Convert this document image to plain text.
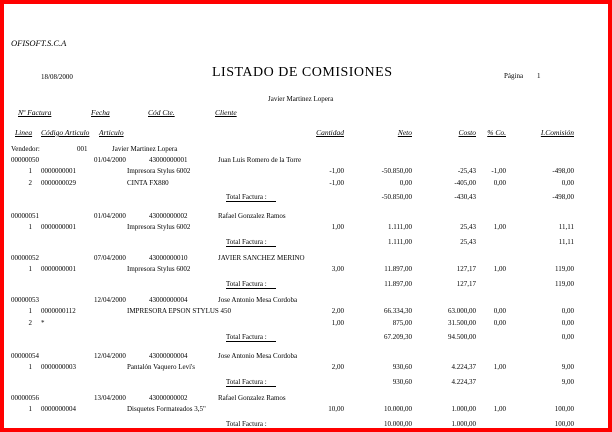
OFISOFT.S.C.A
18/08/2000	LISTADO DE COMISIONES	Página 1
Javier Martinez Lopera
Nº Factura	Fecha	Cód Cte.	Cliente
Linea Código Articulo Articulo	Cantidad	Neto	Costo	% Co.	I.Comisión
Vendedor:	001	Javier Martinez Lopera
00000050	01/04/2000	43000000001	Juan Luis Romero de la Torre
1 0000000001	Impresora Stylus 6002	-1,00	-50.850,00	-25,43	-1,00	-498,00
2 0000000029	CINTA FX880	-1,00	0,00	-405,00	0,00	0,00
Total Factura :	-50.850,00	-430,43	-498,00
00000051	01/04/2000	43000000002	Rafael Gonzalez Ramos
1 0000000001	Impresora Stylus 6002	1,00	1.111,00	25,43	1,00	11,11
Total Factura :	1.111,00	25,43	11,11
00000052	07/04/2000	43000000010	JAVIER SANCHEZ MERINO
1 0000000001	Impresora Stylus 6002	3,00	11.897,00	127,17	1,00	119,00
Total Factura :	11.897,00	127,17	119,00
00000053	12/04/2000	43000000004	Jose Antonio Mesa Cordoba
1 0000000112	IMPRESORA EPSON STYLUS 450	2,00	66.334,30	63.000,00	0,00	0,00
2 *	1,00	875,00	31.500,00	0,00	0,00
Total Factura :	67.209,30	94.500,00	0,00
00000054	12/04/2000	43000000004	Jose Antonio Mesa Cordoba
1 0000000003	Pantalón Vaquero Levi's	2,00	930,60	4.224,37	1,00	9,00
Total Factura :	930,60	4.224,37	9,00
00000056	13/04/2000	43000000002	Rafael Gonzalez Ramos
1 0000000004	Disquetes Formateados 3,5"	10,00	10.000,00	1.000,00	1,00	100,00
Total Factura :	10.000,00	1.000,00	100,00
